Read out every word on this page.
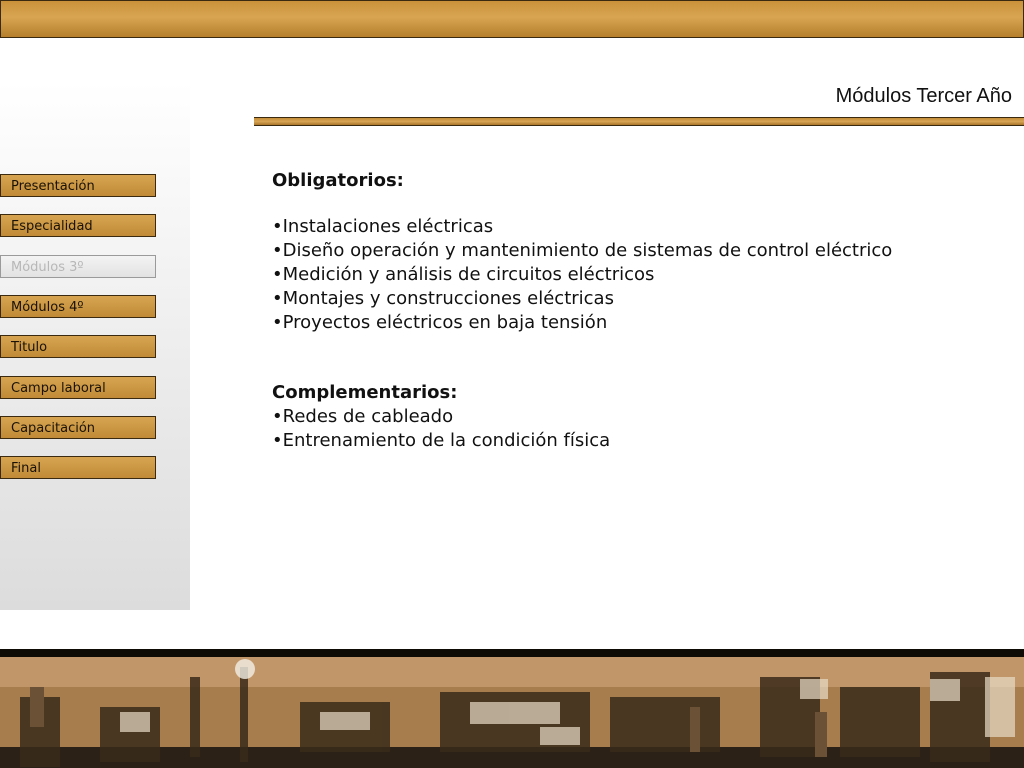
Módulos Tercer Año
Presentación
Especialidad
Módulos 3º
Módulos 4º
Titulo
Campo laboral
Capacitación
Final

Obligatorios:

•Instalaciones eléctricas
•Diseño operación y mantenimiento de sistemas de control eléctrico
•Medición y análisis de circuitos eléctricos
•Montajes y construcciones eléctricas
•Proyectos eléctricos en baja tensión

Complementarios:

•Redes de cableado
•Entrenamiento de la condición física
